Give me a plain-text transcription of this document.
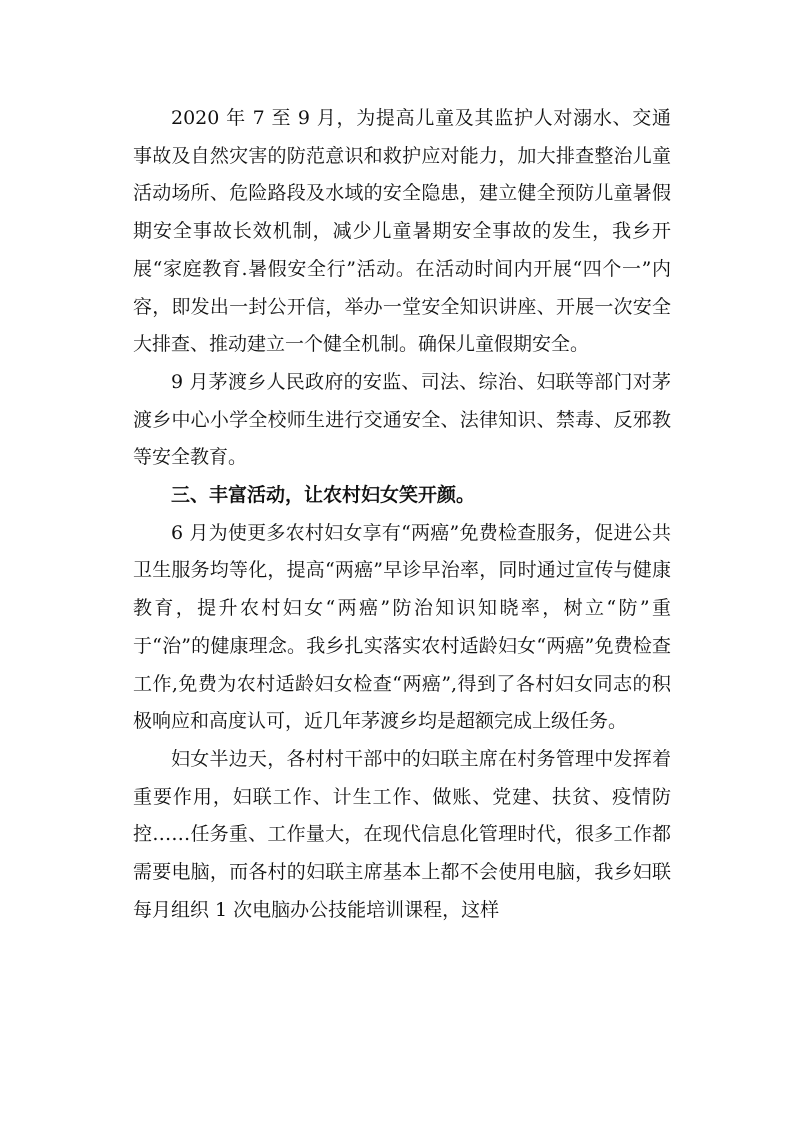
2020 年 7 至 9 月，为提高儿童及其监护人对溺水、交通事故及自然灾害的防范意识和救护应对能力，加大排查整治儿童活动场所、危险路段及水域的安全隐患，建立健全预防儿童暑假期安全事故长效机制，减少儿童暑期安全事故的发生，我乡开展“家庭教育.暑假安全行”活动。在活动时间内开展“四个一”内容，即发出一封公开信，举办一堂安全知识讲座、开展一次安全大排查、推动建立一个健全机制。确保儿童假期安全。

9 月茅渡乡人民政府的安监、司法、综治、妇联等部门对茅渡乡中心小学全校师生进行交通安全、法律知识、禁毒、反邪教等安全教育。

三、丰富活动，让农村妇女笑开颜。

6 月为使更多农村妇女享有“两癌”免费检查服务，促进公共卫生服务均等化，提高“两癌”早诊早治率，同时通过宣传与健康教育，提升农村妇女“两癌”防治知识知晓率，树立“防”重于“治”的健康理念。我乡扎实落实农村适龄妇女“两癌”免费检查工作,免费为农村适龄妇女检查“两癌”,得到了各村妇女同志的积极响应和高度认可，近几年茅渡乡均是超额完成上级任务。

妇女半边天，各村村干部中的妇联主席在村务管理中发挥着重要作用，妇联工作、计生工作、做账、党建、扶贫、疫情防控……任务重、工作量大，在现代信息化管理时代，很多工作都需要电脑，而各村的妇联主席基本上都不会使用电脑，我乡妇联每月组织 1 次电脑办公技能培训课程，这样
